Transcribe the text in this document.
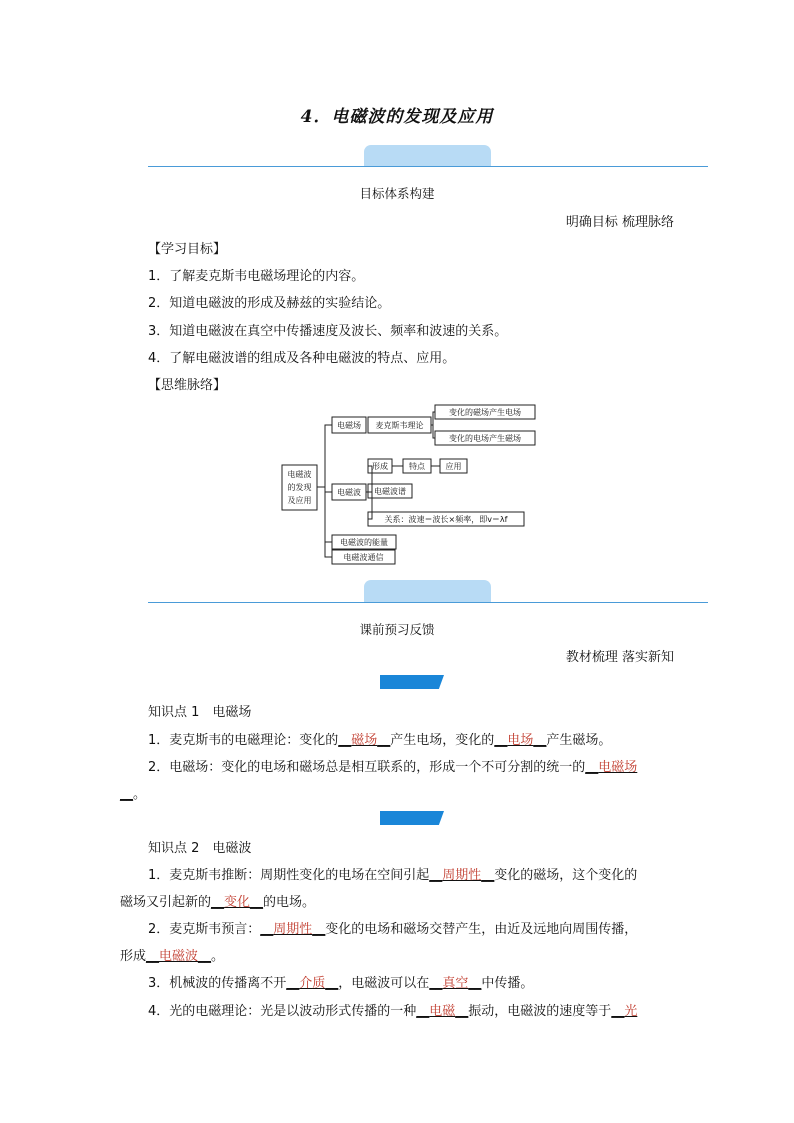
4．电磁波的发现及应用
目标体系构建
明确目标 梳理脉络
【学习目标】
1．了解麦克斯韦电磁场理论的内容。
2．知道电磁波的形成及赫兹的实验结论。
3．知道电磁波在真空中传播速度及波长、频率和波速的关系。
4．了解电磁波谱的组成及各种电磁波的特点、应用。
【思维脉络】
电磁波
的发现
及应用
电磁场 麦克斯韦理论
变化的磁场产生电场
变化的电场产生磁场
电磁波
形成	特点	应用
电磁波谱
关系：波速＝波长×频率，即v＝λf
电磁波的能量
电磁波通信
课前预习反馈
教材梳理 落实新知
知识点 1　电磁场
1．麦克斯韦的电磁理论：变化的__磁场__产生电场，变化的__电场__产生磁场。
2．电磁场：变化的电场和磁场总是相互联系的，形成一个不可分割的统一的__电磁场
__。
知识点 2　电磁波
1．麦克斯韦推断：周期性变化的电场在空间引起__周期性__变化的磁场，这个变化的
磁场又引起新的__变化__的电场。
2．麦克斯韦预言：__周期性__变化的电场和磁场交替产生，由近及远地向周围传播，
形成__电磁波__。
3．机械波的传播离不开__介质__，电磁波可以在__真空__中传播。
4．光的电磁理论：光是以波动形式传播的一种__电磁__振动，电磁波的速度等于__光
